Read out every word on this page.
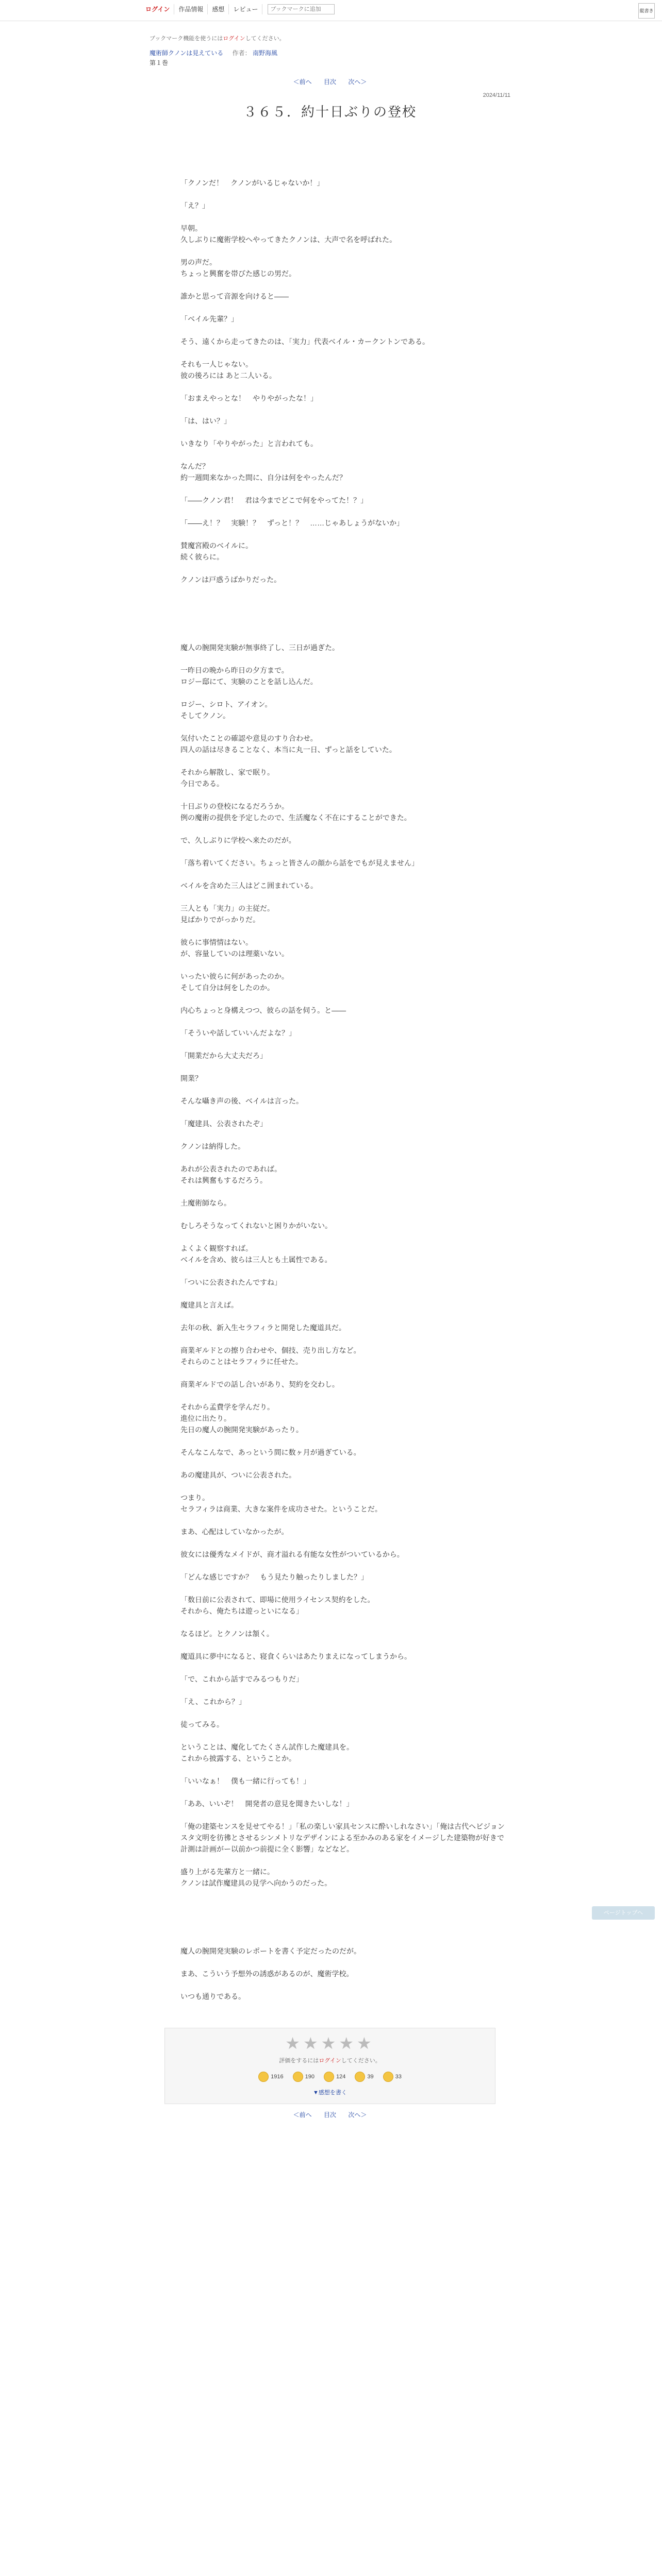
ログイン	作品情報	感想	レビュー
ブックマークに追加	縦書き
ブックマーク機能を使うにはログインしてください。
魔術師クノンは見えている 作者： 南野海風
第１巻
＜前へ 目次 次へ＞
2024/11/11
３６５．約十日ぶりの登校

「クノンだ！　クノンがいるじゃないか！」

「え？」

早朝。

久しぶりに魔術学校へやってきたクノンは、大声で名を呼ばれた。

男の声だ。

ちょっと興奮を帯びた感じの男だ。

誰かと思って音源を向けると――

「ベイル先輩？」

そう、遠くから走ってきたのは、「実力」代表ベイル・カークントンである。

それも一人じゃない。

彼の後ろには あと二人いる。

「おまえやっとな！　やりやがったな！」

「は、はい？」

いきなり「やりやがった」と言われても。

なんだ？

約一週間来なかった間に、自分は何をやったんだ？

「――クノン君！　君は今までどこで何をやってた！？」

「――え！？　実験！？　ずっと！？　……じゃあしょうがないか」

賛魔宮殿のベイルに。

続く彼らに。

クノンは戸惑うばかりだった。

魔人の腕開発実験が無事終了し、三日が過ぎた。

一昨日の晩から昨日の夕方まで。

ロジー邸にて、実験のことを話し込んだ。

ロジー、シロト、アイオン。

そしてクノン。

気付いたことの確認や意見のすり合わせ。

四人の話は尽きることなく、本当に丸一日、ずっと話をしていた。

それから解散し、家で眠り。

今日である。

十日ぶりの登校になるだろうか。

例の魔術の提供を予定したので、生活魔なく不在にすることができた。

で、久しぶりに学校へ来たのだが。

「落ち着いてください。ちょっと皆さんの顔から話をでもが見えません」

ベイルを含めた三人はどこ囲まれている。

三人とも「実力」の主従だ。

見ばかりでがっかりだ。

彼らに事情情はない。

が、容量していのは理薬いない。

いったい彼らに何があったのか。

そして自分は何をしたのか。

内心ちょっと身構えつつ、彼らの話を伺う。と――

「そういや話していいんだよな？」

「開業だから大丈夫だろ」

開業？

そんな囁き声の後、ベイルは言った。

「魔建具、公表されたぞ」

クノンは納得した。

あれが公表されたのであれば。

それは興奮もするだろう。

土魔術師なら。

むしろそうなってくれないと困りかがいない。

よくよく観察すれば。

ベイルを含め、彼らは三人とも土属性である。

「ついに公表されたんですね」

魔建具と言えば。

去年の秋、新入生セラフィラと開発した魔道具だ。

商業ギルドとの擦り合わせや、個技、売り出し方など。

それらのことはセラフィラに任せた。

商業ギルドでの話し合いがあり、契約を交わし。

それから孟費学を学んだり。

進位に出たり。

先日の魔人の腕開発実験があったり。

そんなこんなで、あっという間に数ヶ月が過ぎている。

あの魔建具が、ついに公表された。

つまり。

セラフィラは商業、大きな案件を成功させた。ということだ。

まあ、心配はしていなかったが。

彼女には優秀なメイドが、商才溢れる有能な女性がついているから。

「どんな感じですか？　もう見たり触ったりしました？」

「数日前に公表されて、即場に使用ライセンス契約をした。

それから、俺たちは遊っといになる」

なるほど。とクノンは頷く。

魔道具に夢中になると、寝食くらいはあたりまえになってしまうから。

「で、これから話すでみるつもりだ」

「え、これから？」

徒ってみる。

ということは、魔化してたくさん試作した魔建具を。

これから披露する、ということか。

「いいなぁ！　僕も一緒に行っても！」

「ああ、いいぞ！　開発者の意見を聞きたいしな！」

「俺の建築センスを見せてやる！」「私の楽しい家具センスに酔いしれなさい」「俺は古代ヘビジョンスタ文明を彷彿とさせるシンメトリなデザインによる至かみのある家をイメージした建築物が好きで計測は計画がー以前かつ前提に全く影響」などなど。

盛り上がる先輩方と一緒に。

クノンは試作魔建具の見学へ向かうのだった。

魔人の腕開発実験のレポートを書く予定だったのだが。

まあ、こういう予想外の誘惑があるのが、魔術学校。

いつも通りである。

★★★★★
評価をするにはログインしてください。
1916	190	124	39	33
▼感想を書く
＜前へ 目次 次へ＞
ページトップへ
